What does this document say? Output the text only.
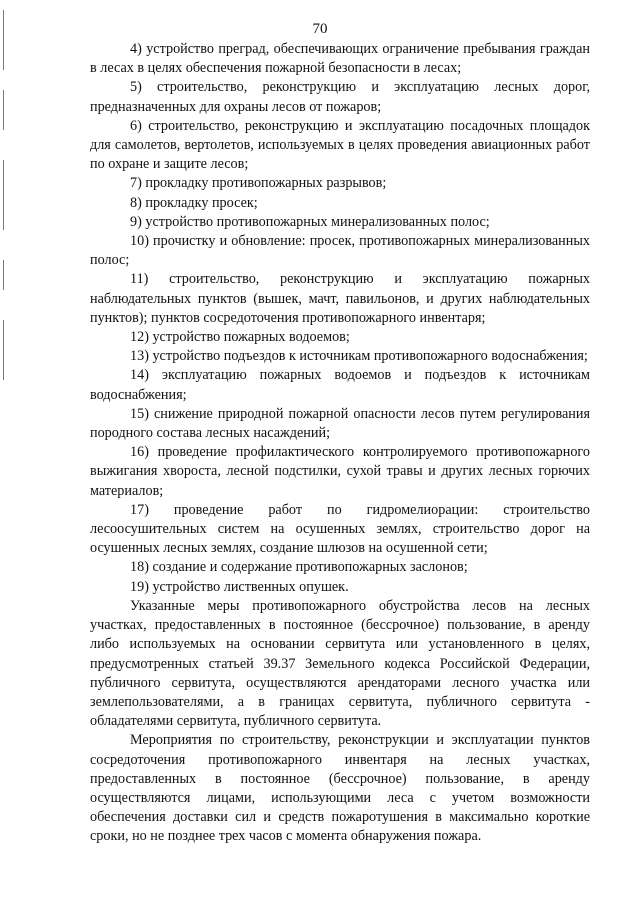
70

4) устройство преград, обеспечивающих ограничение пребывания граждан в лесах в целях обеспечения пожарной безопасности в лесах;

5) строительство, реконструкцию и эксплуатацию лесных дорог, предназначенных для охраны лесов от пожаров;

6) строительство, реконструкцию и эксплуатацию посадочных площадок для самолетов, вертолетов, используемых в целях проведения авиационных работ по охране и защите лесов;

7) прокладку противопожарных разрывов;

8) прокладку просек;

9) устройство противопожарных минерализованных полос;

10) прочистку и обновление: просек, противопожарных минерализованных полос;

11) строительство, реконструкцию и эксплуатацию пожарных наблюдательных пунктов (вышек, мачт, павильонов, и других наблюдательных пунктов); пунктов сосредоточения противопожарного инвентаря;

12) устройство пожарных водоемов;

13) устройство подъездов к источникам противопожарного водоснабжения;

14) эксплуатацию пожарных водоемов и подъездов к источникам водоснабжения;

15) снижение природной пожарной опасности лесов путем регулирования породного состава лесных насаждений;

16) проведение профилактического контролируемого противопожарного выжигания хвороста, лесной подстилки, сухой травы и других лесных горючих материалов;

17) проведение работ по гидромелиорации: строительство лесоосушительных систем на осушенных землях, строительство дорог на осушенных лесных землях, создание шлюзов на осушенной сети;

18) создание и содержание противопожарных заслонов;

19) устройство лиственных опушек.

Указанные меры противопожарного обустройства лесов на лесных участках, предоставленных в постоянное (бессрочное) пользование, в аренду либо используемых на основании сервитута или установленного в целях, предусмотренных статьей 39.37 Земельного кодекса Российской Федерации, публичного сервитута, осуществляются арендаторами лесного участка или землепользователями, а в границах сервитута, публичного сервитута - обладателями сервитута, публичного сервитута.

Мероприятия по строительству, реконструкции и эксплуатации пунктов сосредоточения противопожарного инвентаря на лесных участках, предоставленных в постоянное (бессрочное) пользование, в аренду осуществляются лицами, использующими леса с учетом возможности обеспечения доставки сил и средств пожаротушения в максимально короткие сроки, но не позднее трех часов с момента обнаружения пожара.
